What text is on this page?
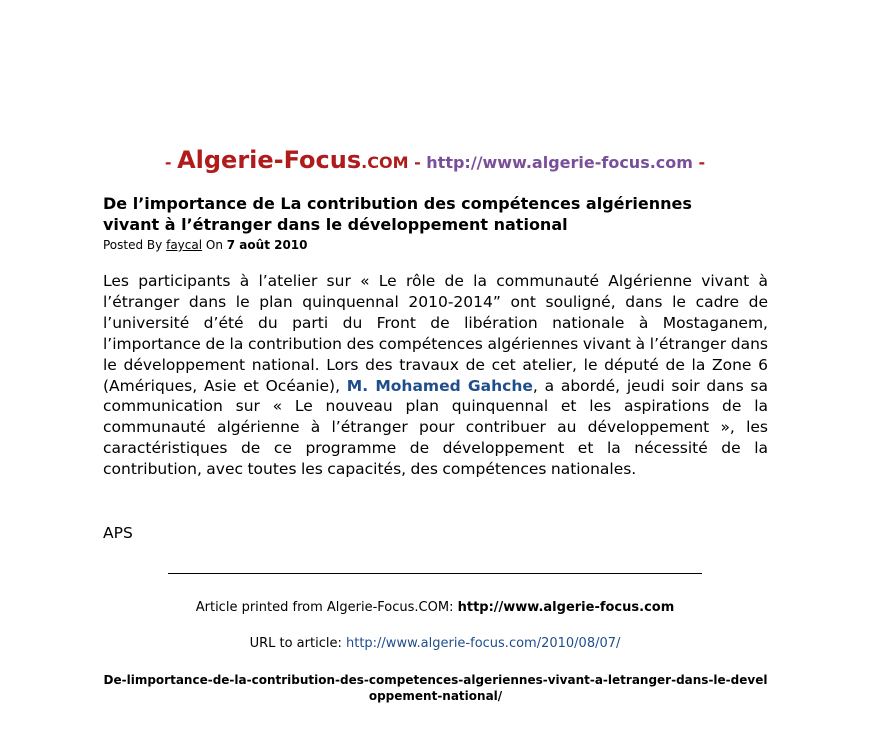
- Algerie-Focus.COM - http://www.algerie-focus.com -
De l’importance de La contribution des compétences algériennes
vivant à l’étranger dans le développement national
Posted By faycal On 7 août 2010

Les participants à l’atelier sur « Le rôle de la communauté Algérienne vivant à l’étranger dans le plan quinquennal 2010-2014” ont souligné, dans le cadre de l’université d’été du parti du Front de libération nationale à Mostaganem, l’importance de la contribution des compétences algériennes vivant à l’étranger dans le développement national. Lors des travaux de cet atelier, le député de la Zone 6 (Amériques, Asie et Océanie), M. Mohamed Gahche, a abordé, jeudi soir dans sa communication sur « Le nouveau plan quinquennal et les aspirations de la communauté algérienne à l’étranger pour contribuer au développement », les caractéristiques de ce programme de développement et la nécessité de la contribution, avec toutes les capacités, des compétences nationales.

APS
Article printed from Algerie-Focus.COM: http://www.algerie-focus.com
URL to article: http://www.algerie-focus.com/2010/08/07/
De-limportance-de-la-contribution-des-competences-algeriennes-vivant-a-letranger-dans-le-developpement-national/
